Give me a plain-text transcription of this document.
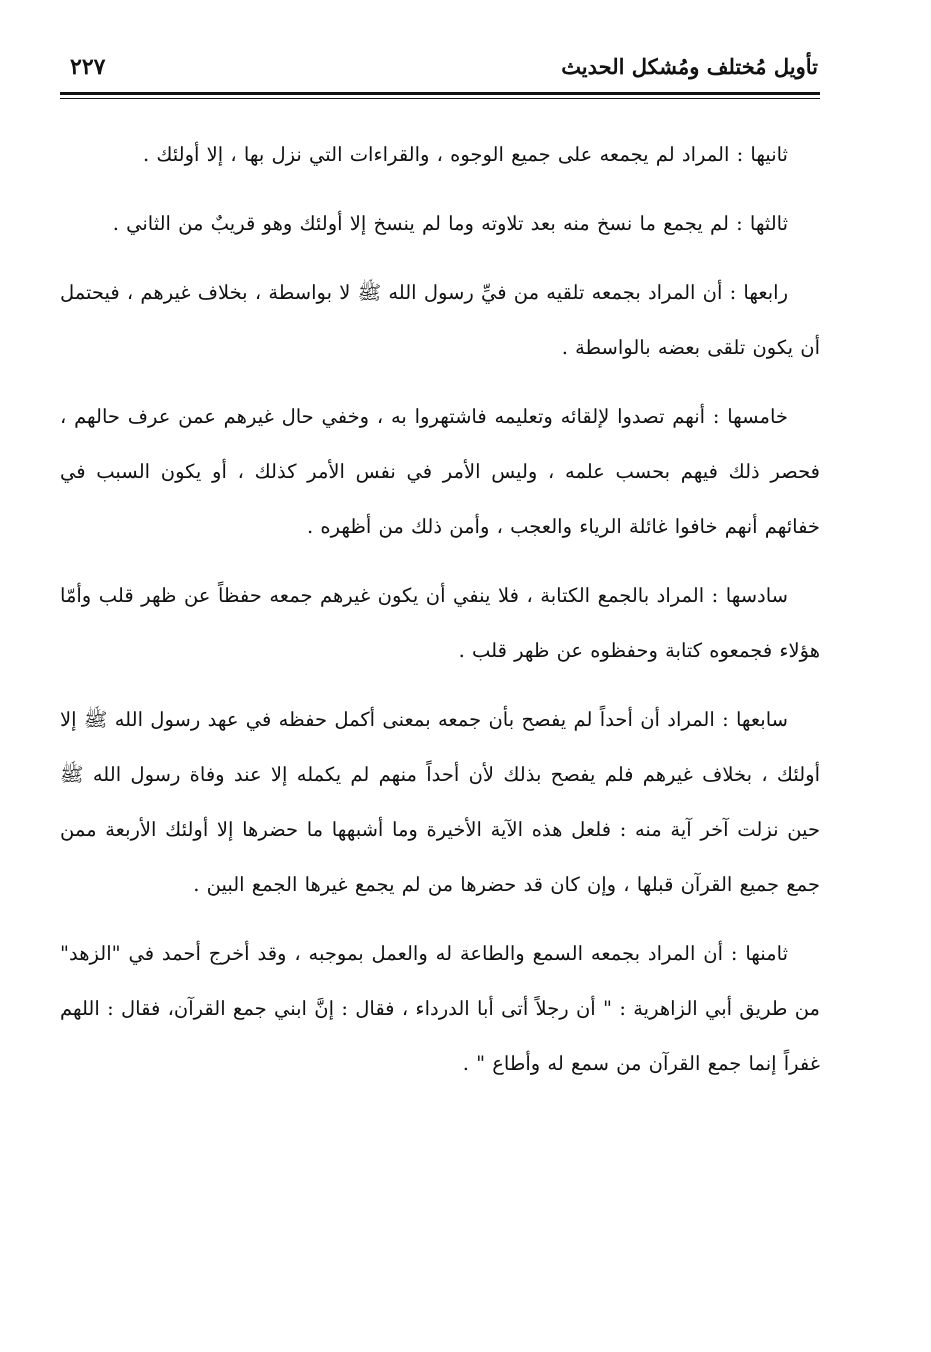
تأويل مُختلف ومُشكل الحديث
٢٢٧

ثانيها : المراد لم يجمعه على جميع الوجوه ، والقراءات التي نزل بها ، إلا أولئك .

ثالثها : لم يجمع ما نسخ منه بعد تلاوته وما لم ينسخ إلا أولئك وهو قريبٌ من الثاني .

رابعها : أن المراد بجمعه تلقيه من فيِّ رسول الله ﷺ لا بواسطة ، بخلاف غيرهم ، فيحتمل أن يكون تلقى بعضه بالواسطة .

خامسها : أنهم تصدوا لإلقائه وتعليمه فاشتهروا به ، وخفي حال غيرهم عمن عرف حالهم ، فحصر ذلك فيهم بحسب علمه ، وليس الأمر في نفس الأمر كذلك ، أو يكون السبب في خفائهم أنهم خافوا غائلة الرياء والعجب ، وأمن ذلك من أظهره .

سادسها : المراد بالجمع الكتابة ، فلا ينفي أن يكون غيرهم جمعه حفظاً عن ظهر قلب وأمّا هؤلاء فجمعوه كتابة وحفظوه عن ظهر قلب .

سابعها : المراد أن أحداً لم يفصح بأن جمعه بمعنى أكمل حفظه في عهد رسول الله ﷺ إلا أولئك ، بخلاف غيرهم فلم يفصح بذلك لأن أحداً منهم لم يكمله إلا عند وفاة رسول الله ﷺ حين نزلت آخر آية منه : فلعل هذه الآية الأخيرة وما أشبهها ما حضرها إلا أولئك الأربعة ممن جمع جميع القرآن قبلها ، وإن كان قد حضرها من لم يجمع غيرها الجمع البين .

ثامنها : أن المراد بجمعه السمع والطاعة له والعمل بموجبه ، وقد أخرج أحمد في "الزهد" من طريق أبي الزاهرية : " أن رجلاً أتى أبا الدرداء ، فقال : إنَّ ابني جمع القرآن، فقال : اللهم غفراً إنما جمع القرآن من سمع له وأطاع " .
